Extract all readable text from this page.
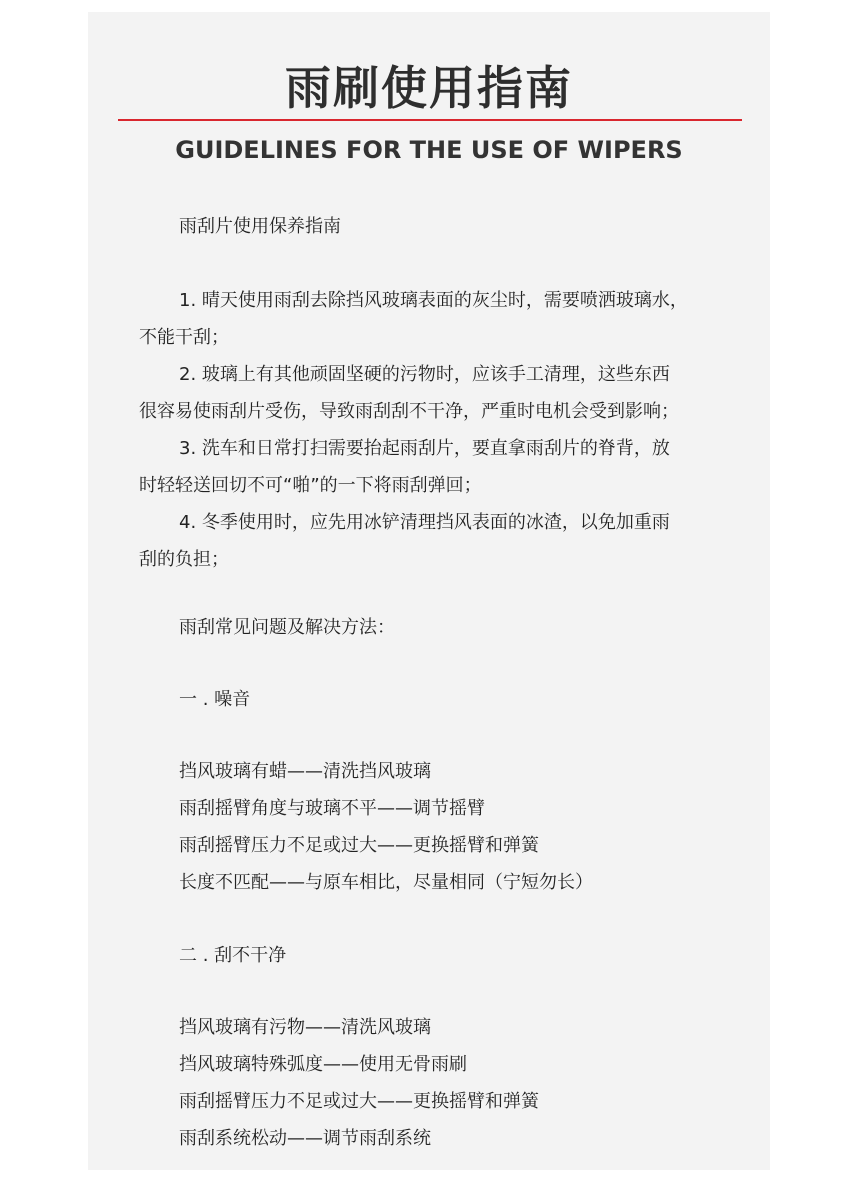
雨刷使用指南
GUIDELINES FOR THE USE OF WIPERS
雨刮片使用保养指南

1. 晴天使用雨刮去除挡风玻璃表面的灰尘时，需要喷洒玻璃水，
不能干刮；
2. 玻璃上有其他顽固坚硬的污物时，应该手工清理，这些东西
很容易使雨刮片受伤，导致雨刮刮不干净，严重时电机会受到影响；
3. 洗车和日常打扫需要抬起雨刮片，要直拿雨刮片的脊背，放
时轻轻送回切不可“啪”的一下将雨刮弹回；
4. 冬季使用时，应先用冰铲清理挡风表面的冰渣，以免加重雨
刮的负担；
雨刮常见问题及解决方法：
一 . 噪音
挡风玻璃有蜡——清洗挡风玻璃
雨刮摇臂角度与玻璃不平——调节摇臂
雨刮摇臂压力不足或过大——更换摇臂和弹簧
长度不匹配——与原车相比，尽量相同（宁短勿长）
二 . 刮不干净
挡风玻璃有污物——清洗风玻璃
挡风玻璃特殊弧度——使用无骨雨刷
雨刮摇臂压力不足或过大——更换摇臂和弹簧
雨刮系统松动——调节雨刮系统
